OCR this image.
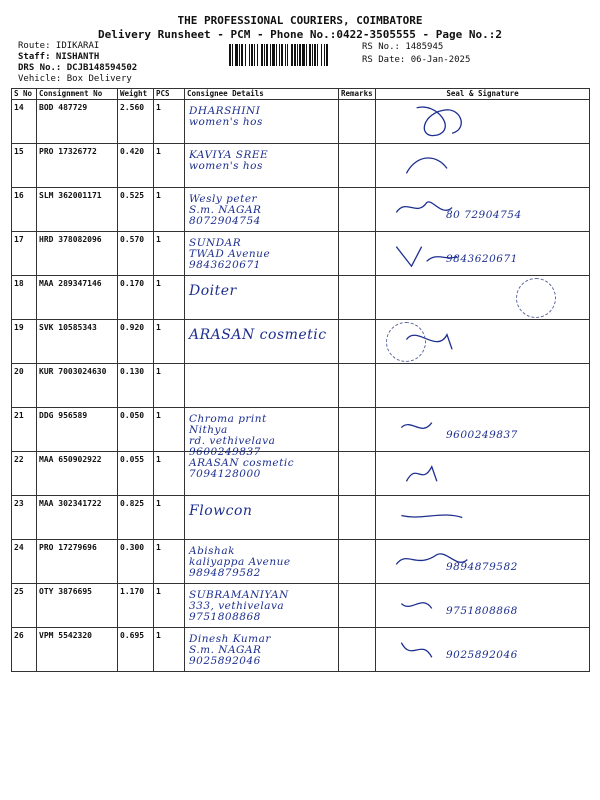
THE PROFESSIONAL COURIERS, COIMBATORE
Delivery Runsheet - PCM - Phone No.:0422-3505555 - Page No.:2
Route: IDIKARAI
Staff: NISHANTH
DRS No.: DCJB148594502
Vehicle: Box Delivery
RS No.: 1485945
RS Date: 06-Jan-2025
S No	Consignment No	Weight	PCS	Consignee Details	Remarks	Seal & Signature
14	BOD 487729	2.560	1	DHARSHINI
women's hos

15	PRO 17326772	0.420	1	KAVIYA SREE
women's hos

16	SLM 362001171	0.525	1	Wesly peter
S.m. NAGAR
8072904754		80 72904754

17	HRD 378082096	0.570	1	SUNDAR
TWAD Avenue
9843620671		9843620671

18	MAA 289347146	0.170	1	Doiter		

19	SVK 10585343	0.920	1	ARASAN cosmetic

20	KUR 7003024630	0.130	1			
21	DDG 956589	0.050	1	Chroma print
Nithya
rd. vethivelava
9600249837		9600249837

22	MAA 650902922	0.055	1	ARASAN cosmetic
7094128000

23	MAA 302341722	0.825	1	Flowcon

24	PRO 17279696	0.300	1	Abishak
kaliyappa Avenue
9894879582		9894879582

25	OTY 3876695	1.170	1	SUBRAMANIYAN
333, vethivelava
9751808868		9751808868

26	VPM 5542320	0.695	1	Dinesh Kumar
S.m. NAGAR
9025892046		9025892046
